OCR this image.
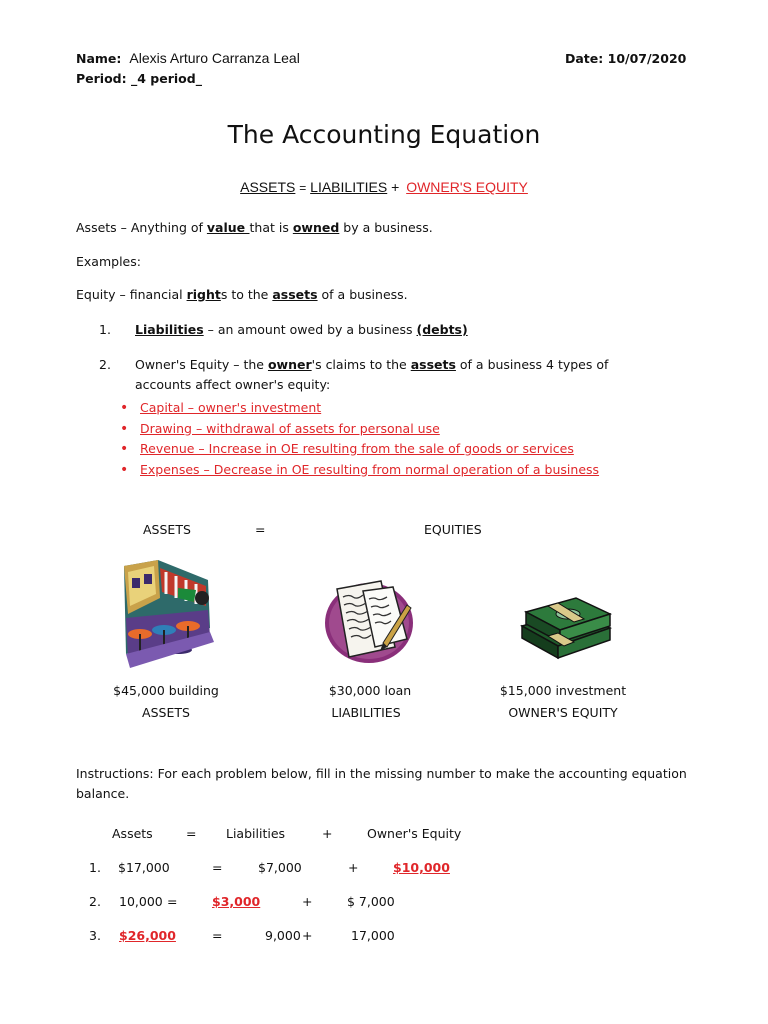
Name: Alexis Arturo Carranza Leal	Date: 10/07/2020
Period: _4 period_
The Accounting Equation
ASSETS = LIABILITIES + OWNER'S EQUITY
Assets – Anything of value that is owned by a business.
Examples:
Equity – financial rights to the assets of a business.
1. Liabilities – an amount owed by a business (debts)
2. Owner's Equity – the owner's claims to the assets of a business 4 types of
accounts affect owner's equity:
• Capital – owner's investment
• Drawing – withdrawal of assets for personal use
• Revenue – Increase in OE resulting from the sale of goods or services
• Expenses – Decrease in OE resulting from normal operation of a business
ASSETS	=	EQUITIES
$45,000 building
ASSETS
$30,000 loan
LIABILITIES
$15,000 investment
OWNER'S EQUITY
Instructions: For each problem below, fill in the missing number to make the accounting equation
balance.
Assets	= Liabilities	+	Owner's Equity
1. $17,000	=	$7,000	+	$10,000
2. 10,000 =	$3,000	+	$ 7,000
3. $26,000	=	9,000 +	17,000
